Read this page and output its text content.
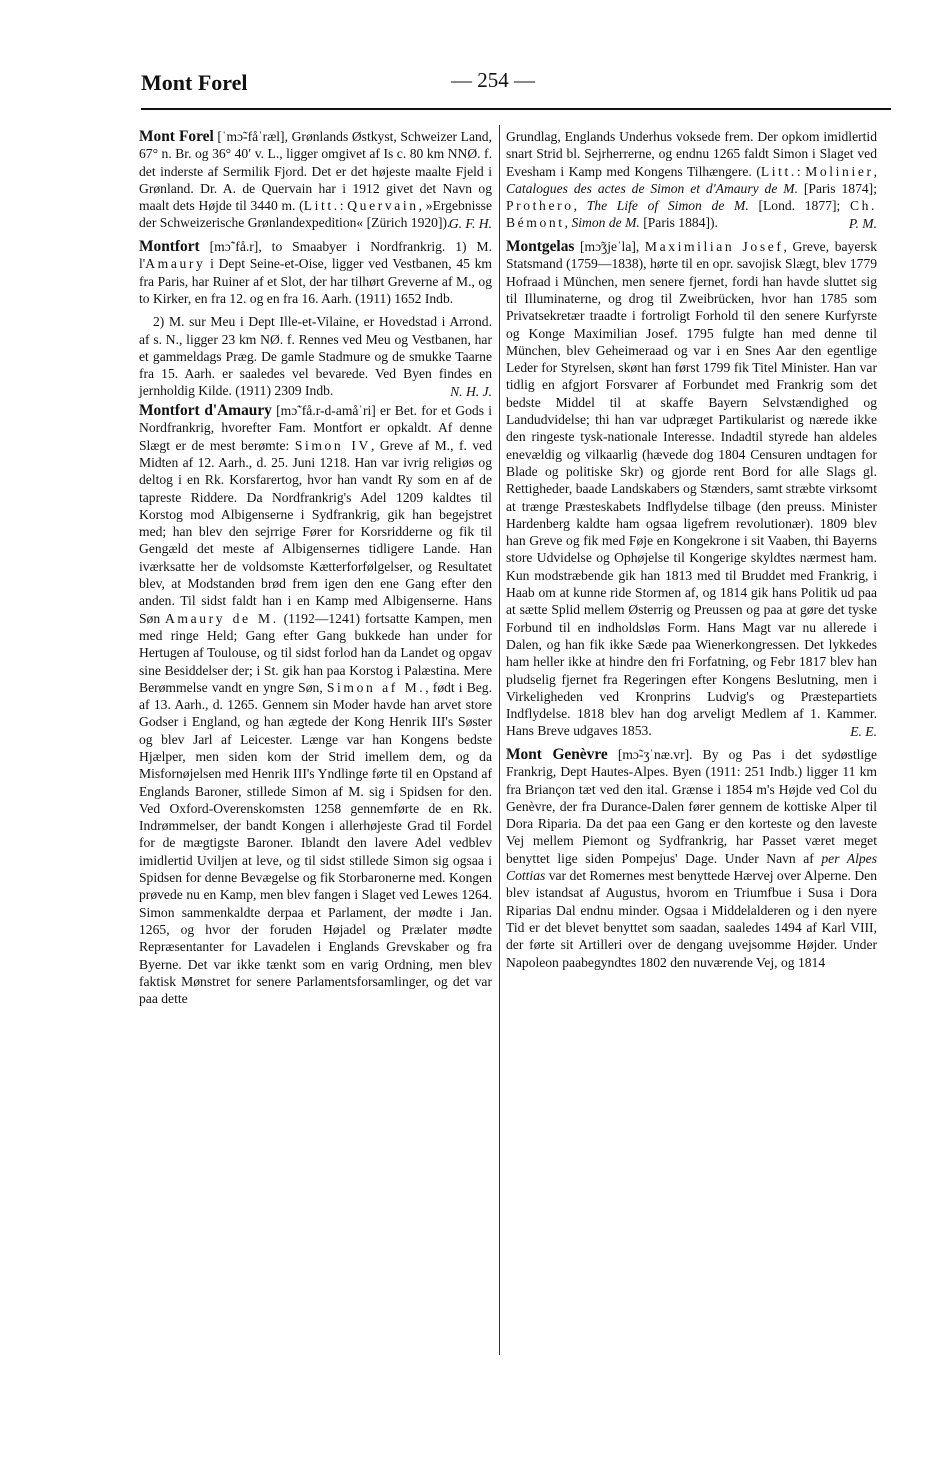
Mont Forel	— 254 —

Mont Forel [ˈmɔ̃-fåˈræl], Grønlands Østkyst, Schweizer Land, 67° n. Br. og 36° 40′ v. L., ligger omgivet af Is c. 80 km NNØ. f. det inderste af Sermilik Fjord. Det er det højeste maalte Fjeld i Grønland. Dr. A. de Quervain har i 1912 givet det Navn og maalt dets Højde til 3440 m. (Litt.: Quervain, »Ergebnisse der Schweizerische Grønlandexpedition« [Zürich 1920]).
G. F. H.

Montfort [mɔ̃ˈfå.r], to Smaabyer i Nordfrankrig. 1) M. l'Amaury i Dept Seine-et-Oise, ligger ved Vestbanen, 45 km fra Paris, har Ruiner af et Slot, der har tilhørt Greverne af M., og to Kirker, en fra 12. og en fra 16. Aarh. (1911) 1652 Indb.

2) M. sur Meu i Dept Ille-et-Vilaine, er Hovedstad i Arrond. af s. N., ligger 23 km NØ. f. Rennes ved Meu og Vestbanen, har et gammeldags Præg. De gamle Stadmure og de smukke Taarne fra 15. Aarh. er saaledes vel bevarede. Ved Byen findes en jernholdig Kilde. (1911) 2309 Indb.	N. H. J.

Montfort d'Amaury [mɔ̃ˈfå.r-d-amåˈri] er Bet. for et Gods i Nordfrankrig, hvorefter Fam. Montfort er opkaldt. Af denne Slægt er de mest berømte: Simon IV, Greve af M., f. ved Midten af 12. Aarh., d. 25. Juni 1218. Han var ivrig religiøs og deltog i en Rk. Korsfarertog, hvor han vandt Ry som en af de tapreste Riddere. Da Nordfrankrig's Adel 1209 kaldtes til Korstog mod Albigenserne i Sydfrankrig, gik han begejstret med; han blev den sejrrige Fører for Korsridderne og fik til Gengæld det meste af Albigensernes tidligere Lande. Han iværksatte her de voldsomste Kætterforfølgelser, og Resultatet blev, at Modstanden brød frem igen den ene Gang efter den anden. Til sidst faldt han i en Kamp med Albigenserne. Hans Søn Amaury de M. (1192—1241) fortsatte Kampen, men med ringe Held; Gang efter Gang bukkede han under for Hertugen af Toulouse, og til sidst forlod han da Landet og opgav sine Besiddelser der; i St. gik han paa Korstog i Palæstina. Mere Berømmelse vandt en yngre Søn, Simon af M., født i Beg. af 13. Aarh., d. 1265. Gennem sin Moder havde han arvet store Godser i England, og han ægtede der Kong Henrik III's Søster og blev Jarl af Leicester. Længe var han Kongens bedste Hjælper, men siden kom der Strid imellem dem, og da Misfornøjelsen med Henrik III's Yndlinge førte til en Opstand af Englands Baroner, stillede Simon af M. sig i Spidsen for den. Ved Oxford-Overenskomsten 1258 gennemførte de en Rk. Indrømmelser, der bandt Kongen i allerhøjeste Grad til Fordel for de mægtigste Baroner. Iblandt den lavere Adel vedblev imidlertid Uviljen at leve, og til sidst stillede Simon sig ogsaa i Spidsen for denne Bevægelse og fik Storbaronerne med. Kongen prøvede nu en Kamp, men blev fangen i Slaget ved Lewes 1264. Simon sammenkaldte derpaa et Parlament, der mødte i Jan. 1265, og hvor der foruden Højadel og Prælater mødte Repræsentanter for Lavadelen i Englands Grevskaber og fra Byerne. Det var ikke tænkt som en varig Ordning, men blev faktisk Mønstret for senere Parlamentsforsamlinger, og det var paa dette

Grundlag, Englands Underhus voksede frem. Der opkom imidlertid snart Strid bl. Sejrherrerne, og endnu 1265 faldt Simon i Slaget ved Evesham i Kamp med Kongens Tilhængere. (Litt.: Molinier, Catalogues des actes de Simon et d'Amaury de M. [Paris 1874]; Prothero, The Life of Simon de M. [Lond. 1877]; Ch. Bémont, Simon de M. [Paris 1884]).	P. M.

Montgelas [mɔ̃ʒjeˈla], Maximilian Josef, Greve, bayersk Statsmand (1759—1838), hørte til en opr. savojisk Slægt, blev 1779 Hofraad i München, men senere fjernet, fordi han havde sluttet sig til Illuminaterne, og drog til Zweibrücken, hvor han 1785 som Privatsekretær traadte i fortroligt Forhold til den senere Kurfyrste og Konge Maximilian Josef. 1795 fulgte han med denne til München, blev Geheimeraad og var i en Snes Aar den egentlige Leder for Styrelsen, skønt han først 1799 fik Titel Minister. Han var tidlig en afgjort Forsvarer af Forbundet med Frankrig som det bedste Middel til at skaffe Bayern Selvstændighed og Landudvidelse; thi han var udpræget Partikularist og nærede ikke den ringeste tysk-nationale Interesse. Indadtil styrede han aldeles enevældig og vilkaarlig (hævede dog 1804 Censuren undtagen for Blade og politiske Skr) og gjorde rent Bord for alle Slags gl. Rettigheder, baade Landskabers og Stænders, samt stræbte virksomt at trænge Præsteskabets Indflydelse tilbage (den preuss. Minister Hardenberg kaldte ham ogsaa ligefrem revolutionær). 1809 blev han Greve og fik med Føje en Kongekrone i sit Vaaben, thi Bayerns store Udvidelse og Ophøjelse til Kongerige skyldtes nærmest ham. Kun modstræbende gik han 1813 med til Bruddet med Frankrig, i Haab om at kunne ride Stormen af, og 1814 gik hans Politik ud paa at sætte Splid mellem Østerrig og Preussen og paa at gøre det tyske Forbund til en indholdsløs Form. Hans Magt var nu allerede i Dalen, og han fik ikke Sæde paa Wienerkongressen. Det lykkedes ham heller ikke at hindre den fri Forfatning, og Febr 1817 blev han pludselig fjernet fra Regeringen efter Kongens Beslutning, men i Virkeligheden ved Kronprins Ludvig's og Præstepartiets Indflydelse. 1818 blev han dog arveligt Medlem af 1. Kammer. Hans Breve udgaves 1853.	E. E.

Mont Genèvre [mɔ̃-ʒˈnæ.vr]. By og Pas i det sydøstlige Frankrig, Dept Hautes-Alpes. Byen (1911: 251 Indb.) ligger 11 km fra Briançon tæt ved den ital. Grænse i 1854 m's Højde ved Col du Genèvre, der fra Durance-Dalen fører gennem de kottiske Alper til Dora Riparia. Da det paa een Gang er den korteste og den laveste Vej mellem Piemont og Sydfrankrig, har Passet været meget benyttet lige siden Pompejus' Dage. Under Navn af per Alpes Cottias var det Romernes mest benyttede Hærvej over Alperne. Den blev istandsat af Augustus, hvorom en Triumfbue i Susa i Dora Riparias Dal endnu minder. Ogsaa i Middelalderen og i den nyere Tid er det blevet benyttet som saadan, saaledes 1494 af Karl VIII, der førte sit Artilleri over de dengang uvejsomme Højder. Under Napoleon paabegyndtes 1802 den nuværende Vej, og 1814
